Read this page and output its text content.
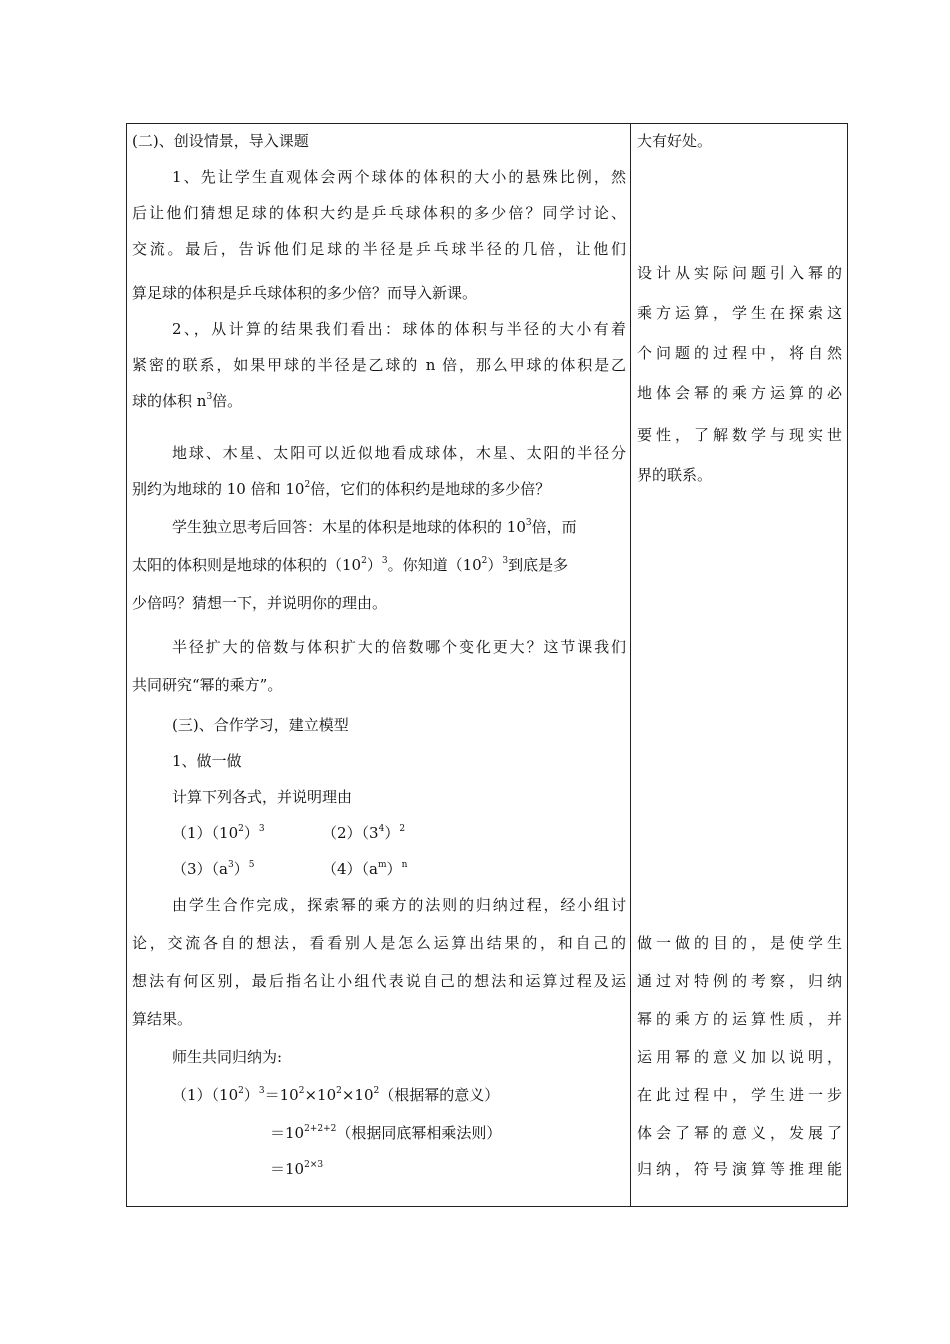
(二)、创设情景，导入课题
1、先让学生直观体会两个球体的体积的大小的悬殊比例，然
后让他们猜想足球的体积大约是乒乓球体积的多少倍？同学讨论、
交流。最后，告诉他们足球的半径是乒乓球半径的几倍，让他们
算足球的体积是乒乓球体积的多少倍？而导入新课。
2、，从计算的结果我们看出：球体的体积与半径的大小有着
紧密的联系，如果甲球的半径是乙球的 n 倍，那么甲球的体积是乙
球的体积 $n^3$倍。
地球、木星、太阳可以近似地看成球体，木星、太阳的半径分
别约为地球的 10 倍和 $10^2$倍，它们的体积约是地球的多少倍？
学生独立思考后回答：木星的体积是地球的体积的 $10^3$倍，而
太阳的体积则是地球的体积的$(10^2)^3$。你知道$(10^2)^3$到底是多
少倍吗？猜想一下，并说明你的理由。
半径扩大的倍数与体积扩大的倍数哪个变化更大？这节课我们
共同研究“幂的乘方”。
(三)、合作学习，建立模型
1、做一做
计算下列各式，并说明理由
$(1)(10^2)^3$	$(2)(3^4)^2$
$(3)(a^3)^5$	$(4)(a^m)^n$
由学生合作完成，探索幂的乘方的法则的归纳过程，经小组讨
论，交流各自的想法，看看别人是怎么运算出结果的，和自己的
想法有何区别，最后指名让小组代表说自己的想法和运算过程及运
算结果。
师生共同归纳为:
$(1)(10^2)^3=10^2\times 10^2\times 10^2$（根据幂的意义）
$=10^{2+2+2}$（根据同底幂相乘法则）
$=10^{2\times 3}$
大有好处。
设计从实际问题引入幂的
乘方运算，学生在探索这
个问题的过程中，将自然
地体会幂的乘方运算的必
要性，了解数学与现实世
界的联系。
做一做的目的，是使学生
通过对特例的考察，归纳
幂的乘方的运算性质，并
运用幂的意义加以说明，
在此过程中，学生进一步
体会了幂的意义，发展了
归纳，符号演算等推理能
